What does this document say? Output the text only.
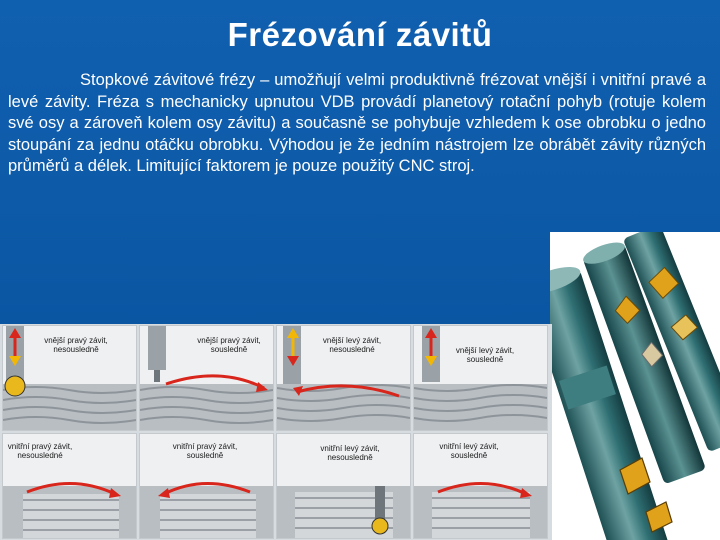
Frézování závitů
Stopkové závitové frézy – umožňují velmi produktivně frézovat vnější i vnitřní pravé a levé závity. Fréza s mechanicky upnutou VDB provádí planetový rotační pohyb (rotuje kolem své osy a zároveň kolem osy závitu) a současně se pohybuje vzhledem k ose obrobku o jedno stoupání za jednu otáčku obrobku. Výhodou je že jedním nástrojem lze obrábět závity různých průměrů a délek. Limitující faktorem je pouze použitý CNC stroj.
vnější pravý závit,
nesousledně
vnější pravý závit,
sousledně
vnější levý závit,
nesousledné	vnější levý závit,
sousledně
vnitřní pravý závit,
nesousledné
vnitřní pravý závit,
sousledně
vnitřní levý závit,
nesousledně
vnitřní levý závit,
sousledně
